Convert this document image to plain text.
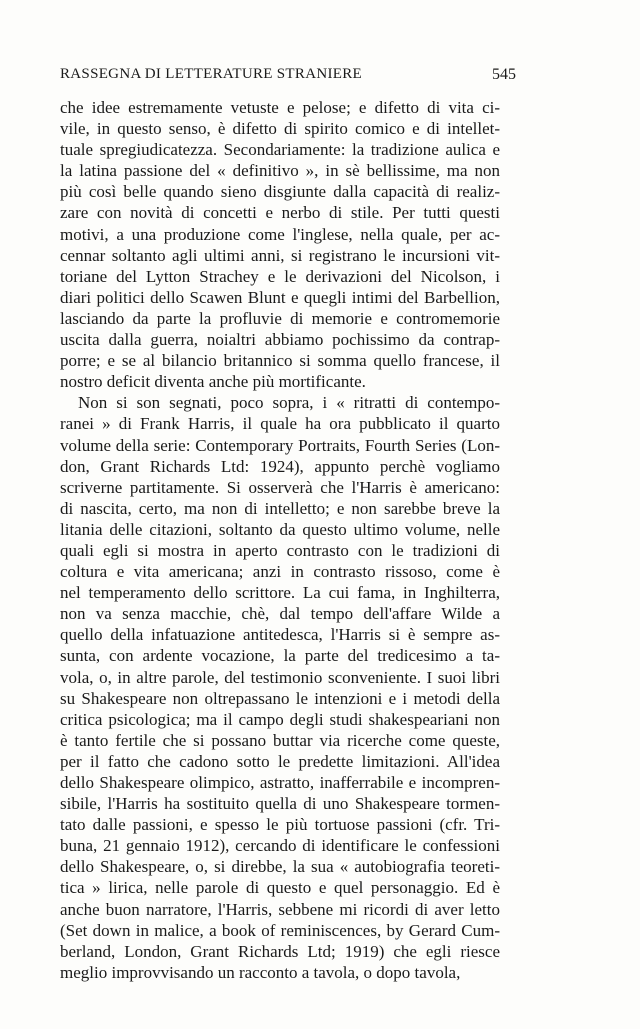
RASSEGNA DI LETTERATURE STRANIERE	545
che idee estremamente vetuste e pelose; e difetto di vita ci-
vile, in questo senso, è difetto di spirito comico e di intellet-
tuale spregiudicatezza. Secondariamente: la tradizione aulica e
la latina passione del « definitivo », in sè bellissime, ma non
più così belle quando sieno disgiunte dalla capacità di realiz-
zare con novità di concetti e nerbo di stile. Per tutti questi
motivi, a una produzione come l'inglese, nella quale, per ac-
cennar soltanto agli ultimi anni, si registrano le incursioni vit-
toriane del Lytton Strachey e le derivazioni del Nicolson, i
diari politici dello Scawen Blunt e quegli intimi del Barbellion,
lasciando da parte la profluvie di memorie e contromemorie
uscita dalla guerra, noialtri abbiamo pochissimo da contrap-
porre; e se al bilancio britannico si somma quello francese, il
nostro deficit diventa anche più mortificante.
Non si son segnati, poco sopra, i « ritratti di contempo-
ranei » di Frank Harris, il quale ha ora pubblicato il quarto
volume della serie: Contemporary Portraits, Fourth Series (Lon-
don, Grant Richards Ltd: 1924), appunto perchè vogliamo
scriverne partitamente. Si osserverà che l'Harris è americano:
di nascita, certo, ma non di intelletto; e non sarebbe breve la
litania delle citazioni, soltanto da questo ultimo volume, nelle
quali egli si mostra in aperto contrasto con le tradizioni di
coltura e vita americana; anzi in contrasto rissoso, come è
nel temperamento dello scrittore. La cui fama, in Inghilterra,
non va senza macchie, chè, dal tempo dell'affare Wilde a
quello della infatuazione antitedesca, l'Harris si è sempre as-
sunta, con ardente vocazione, la parte del tredicesimo a ta-
vola, o, in altre parole, del testimonio sconveniente. I suoi libri
su Shakespeare non oltrepassano le intenzioni e i metodi della
critica psicologica; ma il campo degli studi shakespeariani non
è tanto fertile che si possano buttar via ricerche come queste,
per il fatto che cadono sotto le predette limitazioni. All'idea
dello Shakespeare olimpico, astratto, inafferrabile e incompren-
sibile, l'Harris ha sostituito quella di uno Shakespeare tormen-
tato dalle passioni, e spesso le più tortuose passioni (cfr. Tri-
buna, 21 gennaio 1912), cercando di identificare le confessioni
dello Shakespeare, o, si direbbe, la sua « autobiografia teoreti-
tica » lirica, nelle parole di questo e quel personaggio. Ed è
anche buon narratore, l'Harris, sebbene mi ricordi di aver letto
(Set down in malice, a book of reminiscences, by Gerard Cum-
berland, London, Grant Richards Ltd; 1919) che egli riesce
meglio improvvisando un racconto a tavola, o dopo tavola,
